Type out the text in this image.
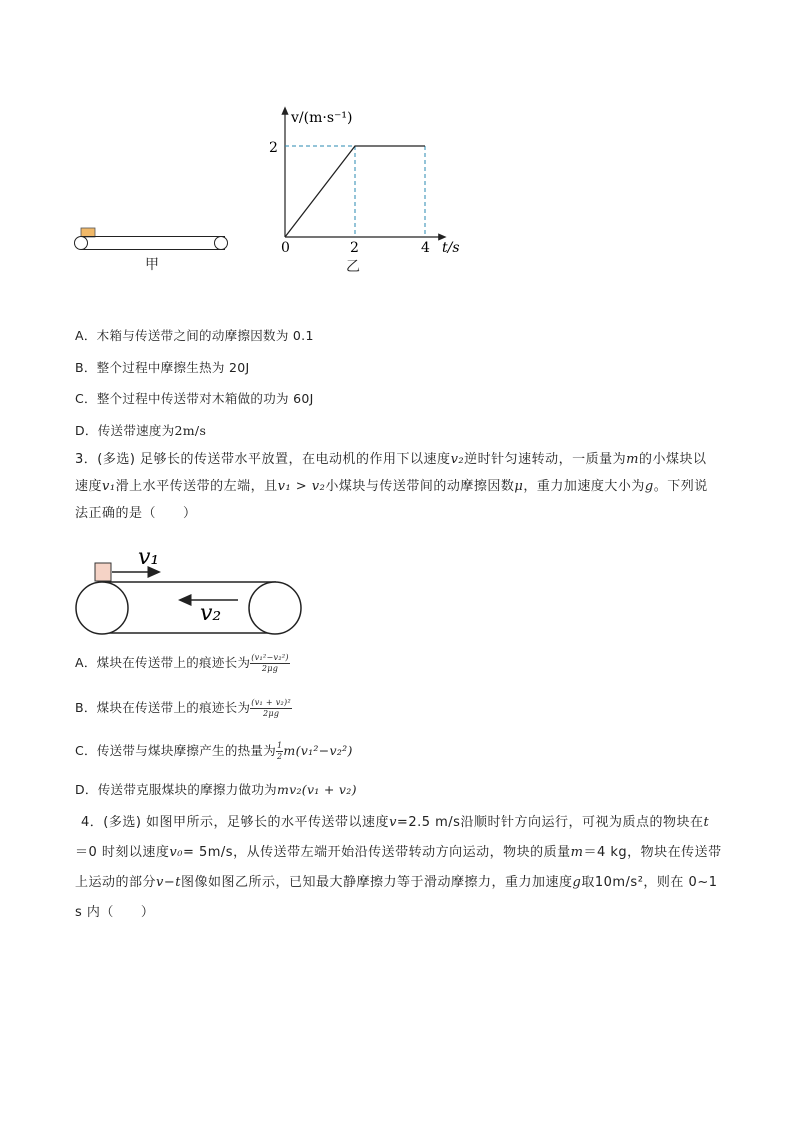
甲
v/(m·s⁻¹)
t/s
0
2
2	4
乙
A．木箱与传送带之间的动摩擦因数为 0.1
B．整个过程中摩擦生热为 20J
C．整个过程中传送带对木箱做的功为 60J
D．传送带速度为2m/s
3．(多选) 足够长的传送带水平放置，在电动机的作用下以速度v₂逆时针匀速转动，一质量为m的小煤块以
速度v₁滑上水平传送带的左端，且v₁ > v₂小煤块与传送带间的动摩擦因数μ，重力加速度大小为g。下列说
法正确的是（　　）
v₁
v₂
A．煤块在传送带上的痕迹长为 $\frac{\text{(v₁²−v₂²)}}{2\mu g}$
B．煤块在传送带上的痕迹长为 $\frac{\text{(v₁ + v₂)²}}{2\mu g}$
C．传送带与煤块摩擦产生的热量为 $\frac{1}{2} m(v_1^2-v_2^2)$
D．传送带克服煤块的摩擦力做功为mv₂(v₁ + v₂)
4．(多选) 如图甲所示，足够长的水平传送带以速度v=2.5 m/s沿顺时针方向运行，可视为质点的物块在t
＝0 时刻以速度v₀= 5m/s，从传送带左端开始沿传送带转动方向运动，物块的质量m＝4 kg，物块在传送带
上运动的部分v−t图像如图乙所示，已知最大静摩擦力等于滑动摩擦力，重力加速度g取10m/s²，则在 0~1
s 内（　　）
